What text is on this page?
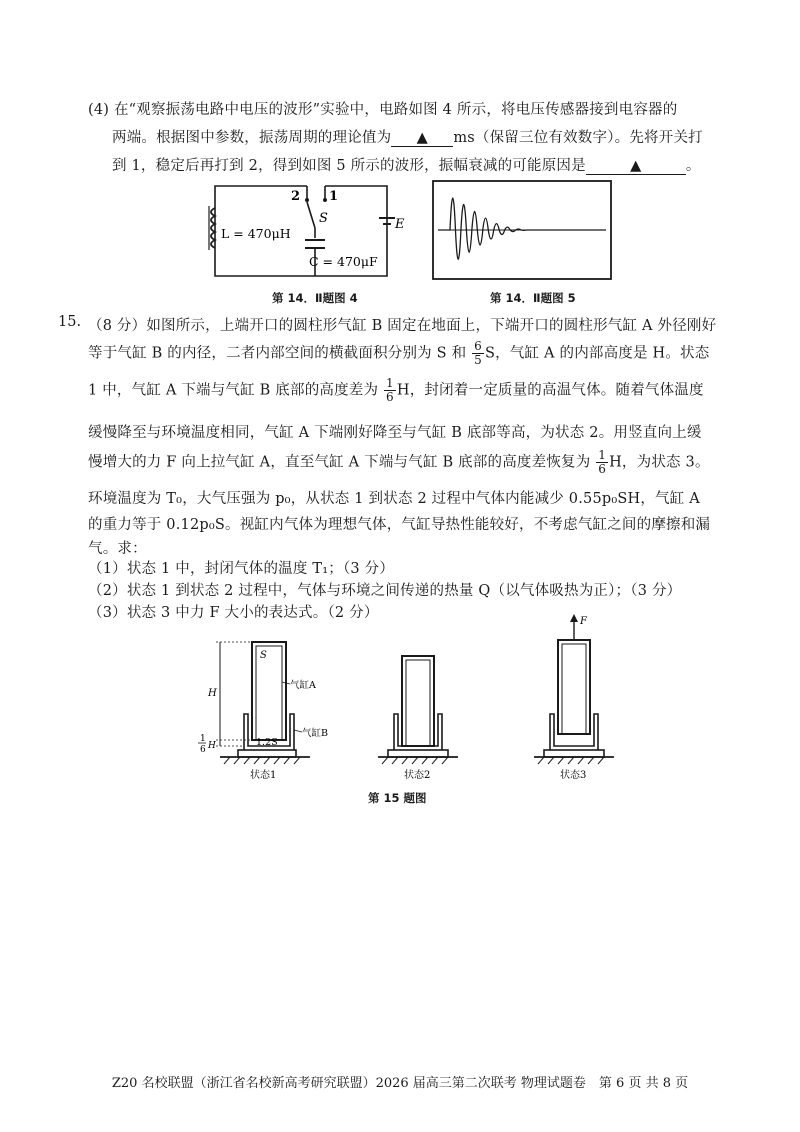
(4) 在“观察振荡电路中电压的波形”实验中，电路如图 4 所示，将电压传感器接到电容器的
两端。根据图中参数，振荡周期的理论值为 ▲ ms（保留三位有效数字）。先将开关打
到 1，稳定后再打到 2，得到如图 5 所示的波形，振幅衰减的可能原因是	▲	。
2 1
S	E
L = 470μH
C = 470μF
第 14．Ⅱ题图 4	第 14．Ⅱ题图 5
15. （8 分）如图所示，上端开口的圆柱形气缸 B 固定在地面上，下端开口的圆柱形气缸 A 外径刚好
等于气缸 B 的内径，二者内部空间的横截面积分别为 S 和 $\frac{6}{5}$ S，气缸 A 的内部高度是 H。状态
1 中，气缸 A 下端与气缸 B 底部的高度差为 $\frac{1}{6}$ H，封闭着一定质量的高温气体。随着气体温度
缓慢降至与环境温度相同，气缸 A 下端刚好降至与气缸 B 底部等高，为状态 2。用竖直向上缓
慢增大的力 F 向上拉气缸 A，直至气缸 A 下端与气缸 B 底部的高度差恢复为 $\frac{1}{6}$ H，为状态 3。
环境温度为 T₀，大气压强为 p₀，从状态 1 到状态 2 过程中气体内能减少 0.55p₀SH，气缸 A
的重力等于 0.12p₀S。视缸内气体为理想气体，气缸导热性能较好，不考虑气缸之间的摩擦和漏
气。求：
（1）状态 1 中，封闭气体的温度 T₁；（3 分）
（2）状态 1 到状态 2 过程中，气体与环境之间传递的热量 Q（以气体吸热为正）；（3 分）
（3）状态 3 中力 F 大小的表达式。（2 分）
S
H
气缸A
气缸B
1.2S
1
6 H
F
状态1	状态2	状态3
第 15 题图
Z20 名校联盟（浙江省名校新高考研究联盟）2026 届高三第二次联考 物理试题卷　第 6 页 共 8 页
